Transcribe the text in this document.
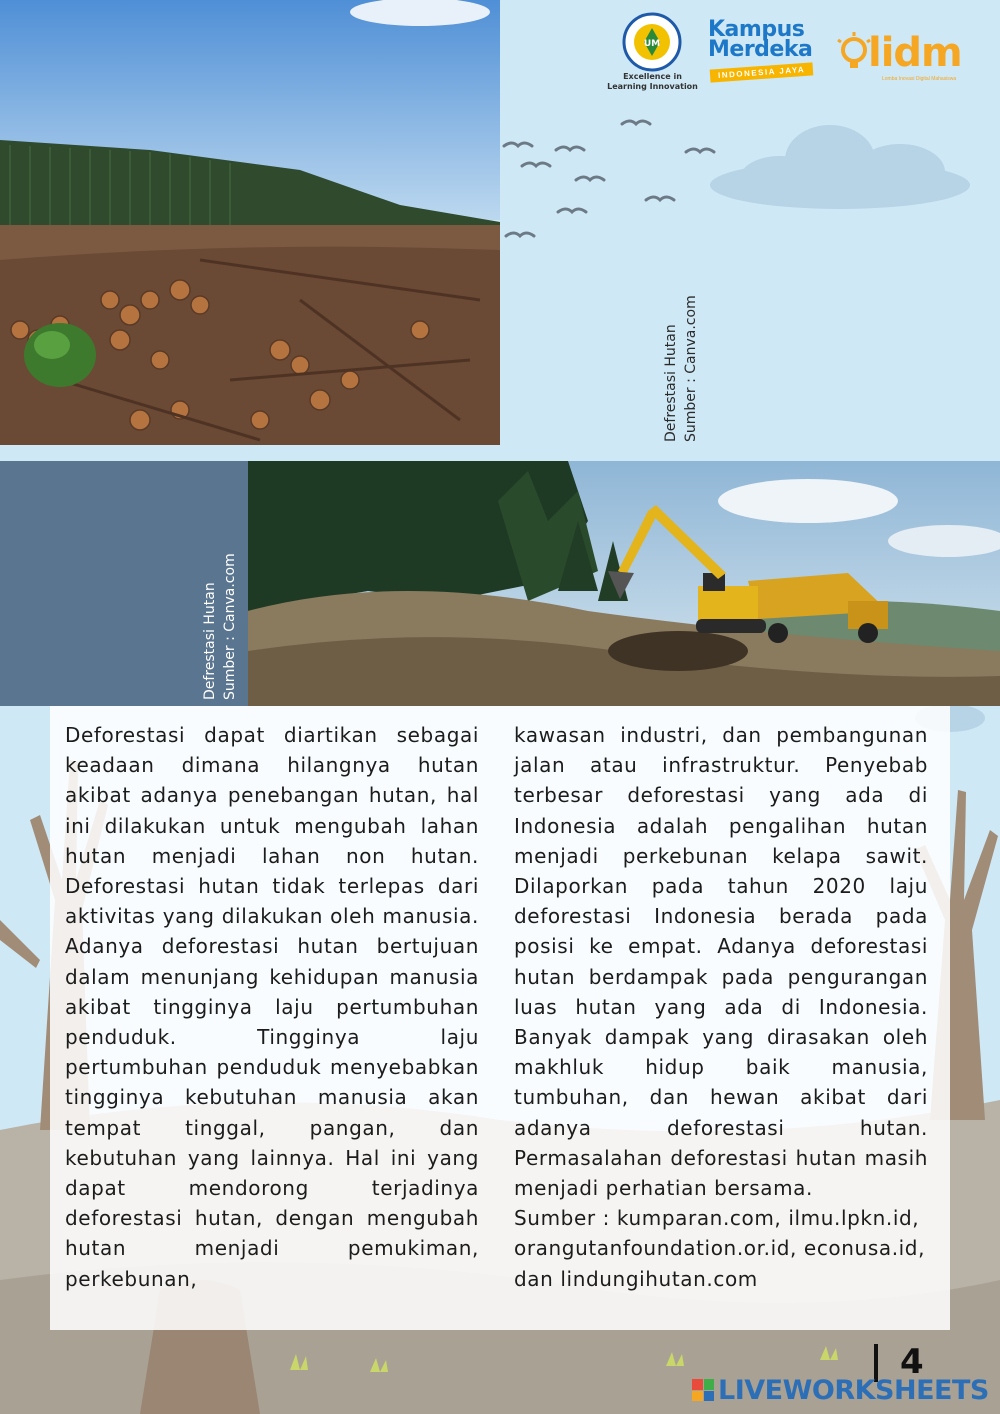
UM
Excellence in
Learning Innovation
Kampus
Merdeka
INDONESIA JAYA lidm
Lomba Inovasi Digital Mahasiswa
Defrestasi Hutan Sumber : Canva.com
Defrestasi Hutan Sumber : Canva.com

Deforestasi dapat diartikan sebagai keadaan dimana hilangnya hutan akibat adanya penebangan hutan, hal ini dilakukan untuk mengubah lahan hutan menjadi lahan non hutan. Deforestasi hutan tidak terlepas dari aktivitas yang dilakukan oleh manusia. Adanya deforestasi hutan bertujuan dalam menunjang kehidupan manusia akibat tingginya laju pertumbuhan penduduk. Tingginya laju pertumbuhan penduduk menyebabkan tingginya kebutuhan manusia akan tempat tinggal, pangan, dan kebutuhan yang lainnya. Hal ini yang dapat mendorong terjadinya deforestasi hutan, dengan mengubah hutan menjadi pemukiman, perkebunan,

kawasan industri, dan pembangunan jalan atau infrastruktur. Penyebab terbesar deforestasi yang ada di Indonesia adalah pengalihan hutan menjadi perkebunan kelapa sawit. Dilaporkan pada tahun 2020 laju deforestasi Indonesia berada pada posisi ke empat. Adanya deforestasi hutan berdampak pada pengurangan luas hutan yang ada di Indonesia. Banyak dampak yang dirasakan oleh makhluk hidup baik manusia, tumbuhan, dan hewan akibat dari adanya deforestasi hutan. Permasalahan deforestasi hutan masih menjadi perhatian bersama.

Sumber : kumparan.com, ilmu.lpkn.id, orangutanfoundation.or.id, econusa.id, dan lindungihutan.com

4
LIVEWORKSHEETS
